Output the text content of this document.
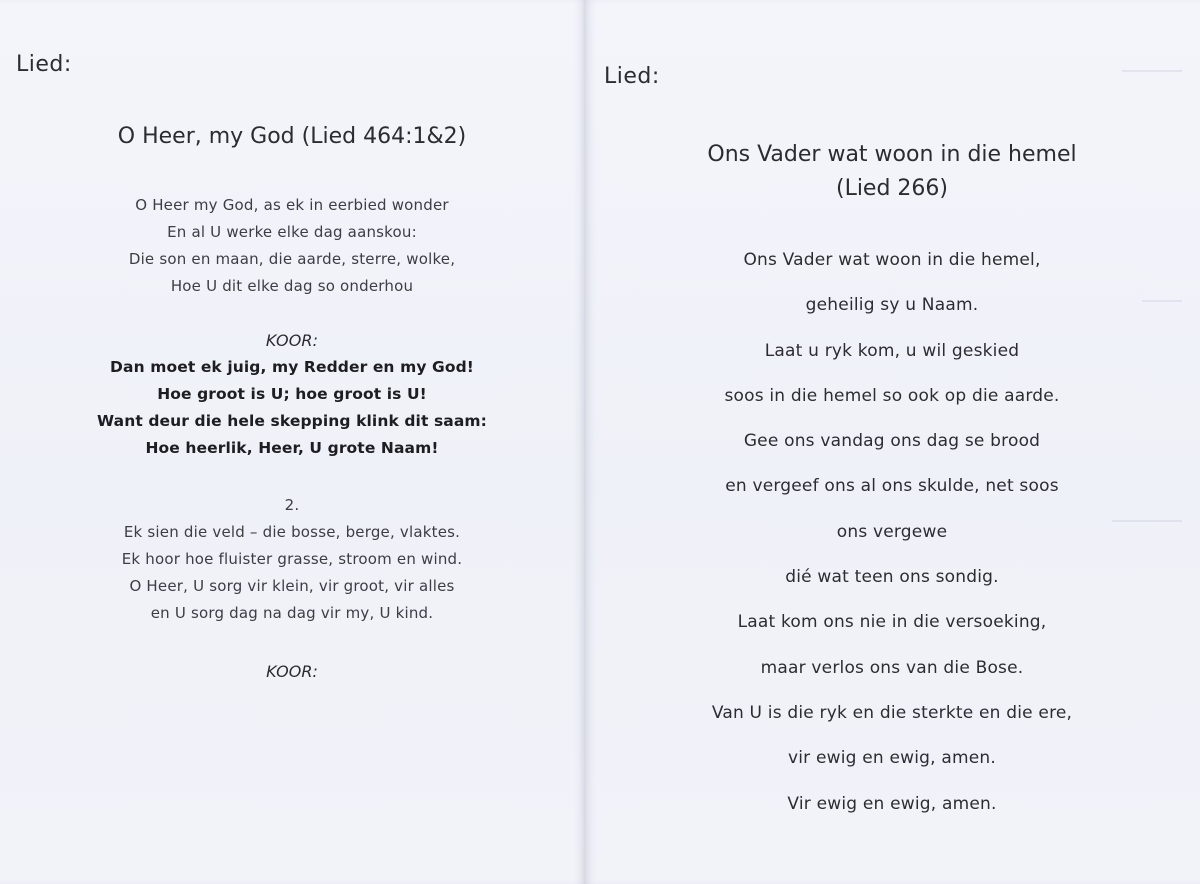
Lied:
O Heer, my God (Lied 464:1&2)
O Heer my God, as ek in eerbied wonder
En al U werke elke dag aanskou:
Die son en maan, die aarde, sterre, wolke,
Hoe U dit elke dag so onderhou
KOOR:
Dan moet ek juig, my Redder en my God!
Hoe groot is U; hoe groot is U!
Want deur die hele skepping klink dit saam:
Hoe heerlik, Heer, U grote Naam!
2.
Ek sien die veld – die bosse, berge, vlaktes.
Ek hoor hoe fluister grasse, stroom en wind.
O Heer, U sorg vir klein, vir groot, vir alles
en U sorg dag na dag vir my, U kind.
KOOR:
Lied:
Ons Vader wat woon in die hemel
(Lied 266)
Ons Vader wat woon in die hemel,
geheilig sy u Naam.
Laat u ryk kom, u wil geskied
soos in die hemel so ook op die aarde.
Gee ons vandag ons dag se brood
en vergeef ons al ons skulde, net soos
ons vergewe
dié wat teen ons sondig.
Laat kom ons nie in die versoeking,
maar verlos ons van die Bose.
Van U is die ryk en die sterkte en die ere,
vir ewig en ewig, amen.
Vir ewig en ewig, amen.
